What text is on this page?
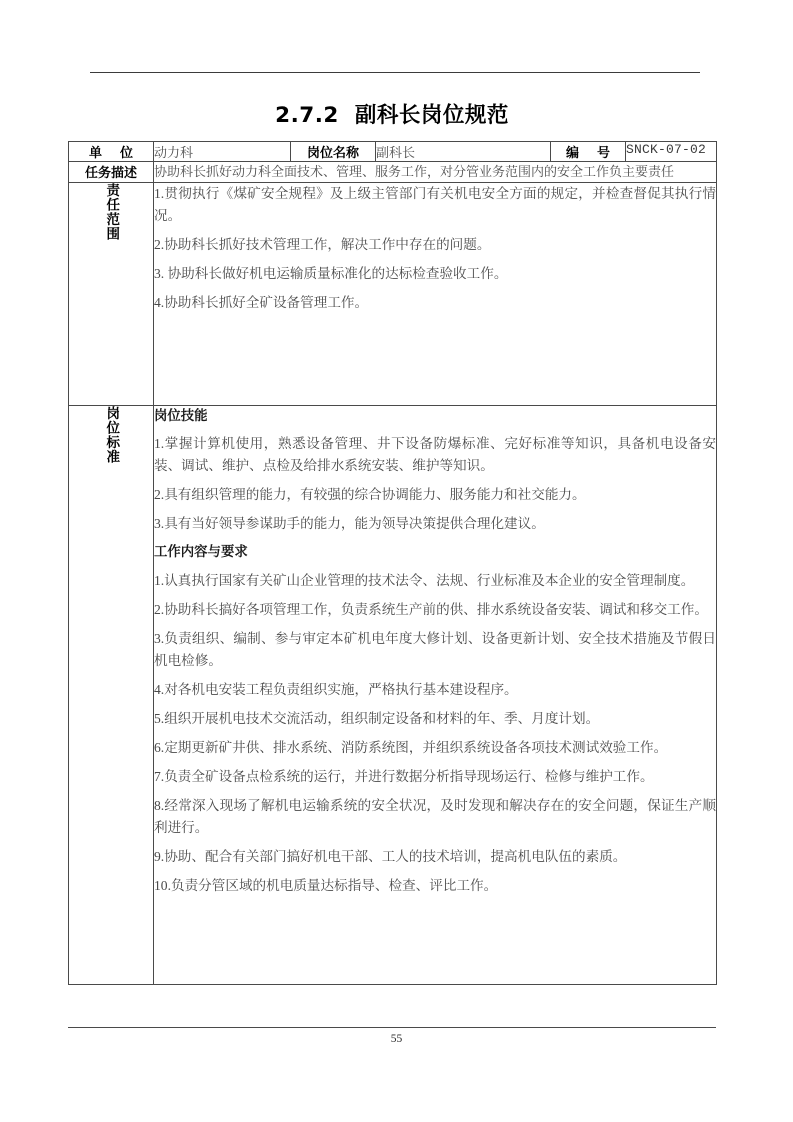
2.7.2  副科长岗位规范
单    位	动力科	岗位名称	副科长	编    号	SNCK-07-02
任务描述	协助科长抓好动力科全面技术、管理、服务工作，对分管业务范围内的安全工作负主要责任				
责任范围	1.贯彻执行《煤矿安全规程》及上级主管部门有关机电安全方面的规定，并检查督促其执行情况。

2.协助科长抓好技术管理工作，解决工作中存在的问题。

3. 协助科长做好机电运输质量标准化的达标检查验收工作。

4.协助科长抓好全矿设备管理工作。				

岗位标准	岗位技能

1.掌握计算机使用，熟悉设备管理、井下设备防爆标准、完好标准等知识，具备机电设备安装、调试、维护、点检及给排水系统安装、维护等知识。

2.具有组织管理的能力，有较强的综合协调能力、服务能力和社交能力。

3.具有当好领导参谋助手的能力，能为领导决策提供合理化建议。

工作内容与要求

1.认真执行国家有关矿山企业管理的技术法令、法规、行业标准及本企业的安全管理制度。

2.协助科长搞好各项管理工作，负责系统生产前的供、排水系统设备安装、调试和移交工作。

3.负责组织、编制、参与审定本矿机电年度大修计划、设备更新计划、安全技术措施及节假日机电检修。

4.对各机电安装工程负责组织实施，严格执行基本建设程序。

5.组织开展机电技术交流活动，组织制定设备和材料的年、季、月度计划。

6.定期更新矿井供、排水系统、消防系统图，并组织系统设备各项技术测试效验工作。

7.负责全矿设备点检系统的运行，并进行数据分析指导现场运行、检修与维护工作。

8.经常深入现场了解机电运输系统的安全状况，及时发现和解决存在的安全问题，保证生产顺利进行。

9.协助、配合有关部门搞好机电干部、工人的技术培训，提高机电队伍的素质。

10.负责分管区域的机电质量达标指导、检查、评比工作。

55
